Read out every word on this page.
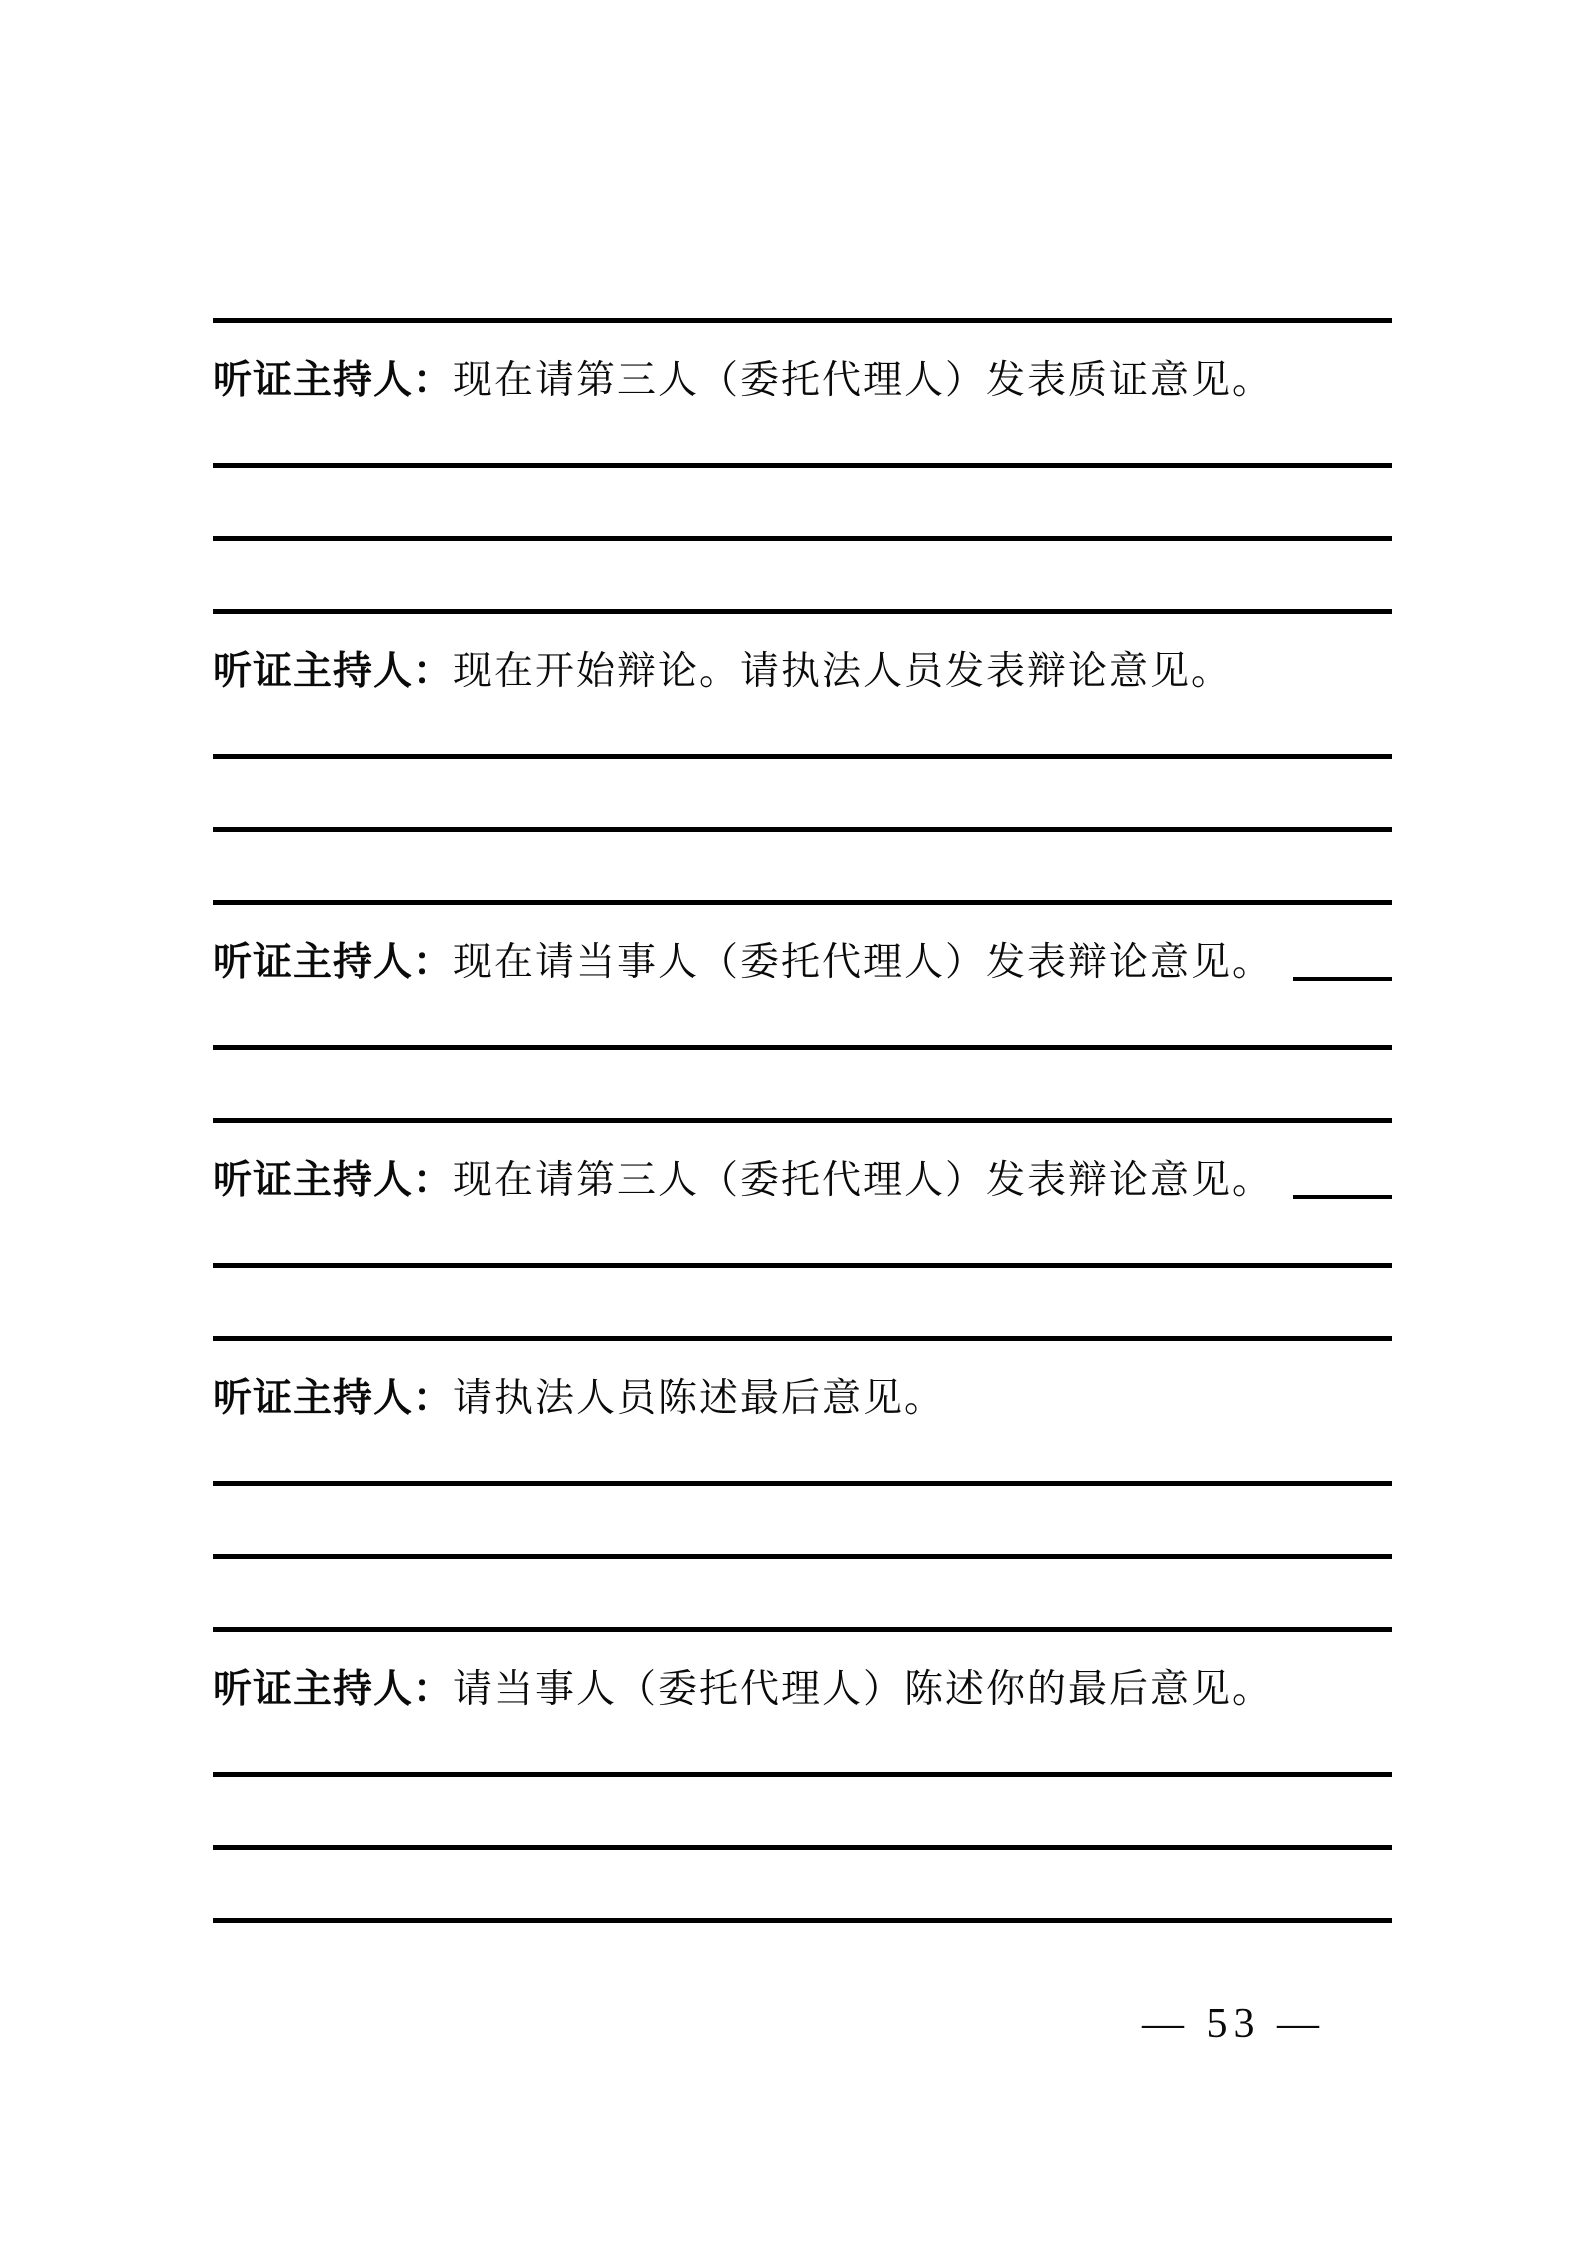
听证主持人： 现在请第三人（委托代理人）发表质证意见。
听证主持人： 现在开始辩论。请执法人员发表辩论意见。
听证主持人： 现在请当事人（委托代理人）发表辩论意见。
听证主持人： 现在请第三人（委托代理人）发表辩论意见。
听证主持人： 请执法人员陈述最后意见。
听证主持人： 请当事人（委托代理人）陈述你的最后意见。
— 53 —
